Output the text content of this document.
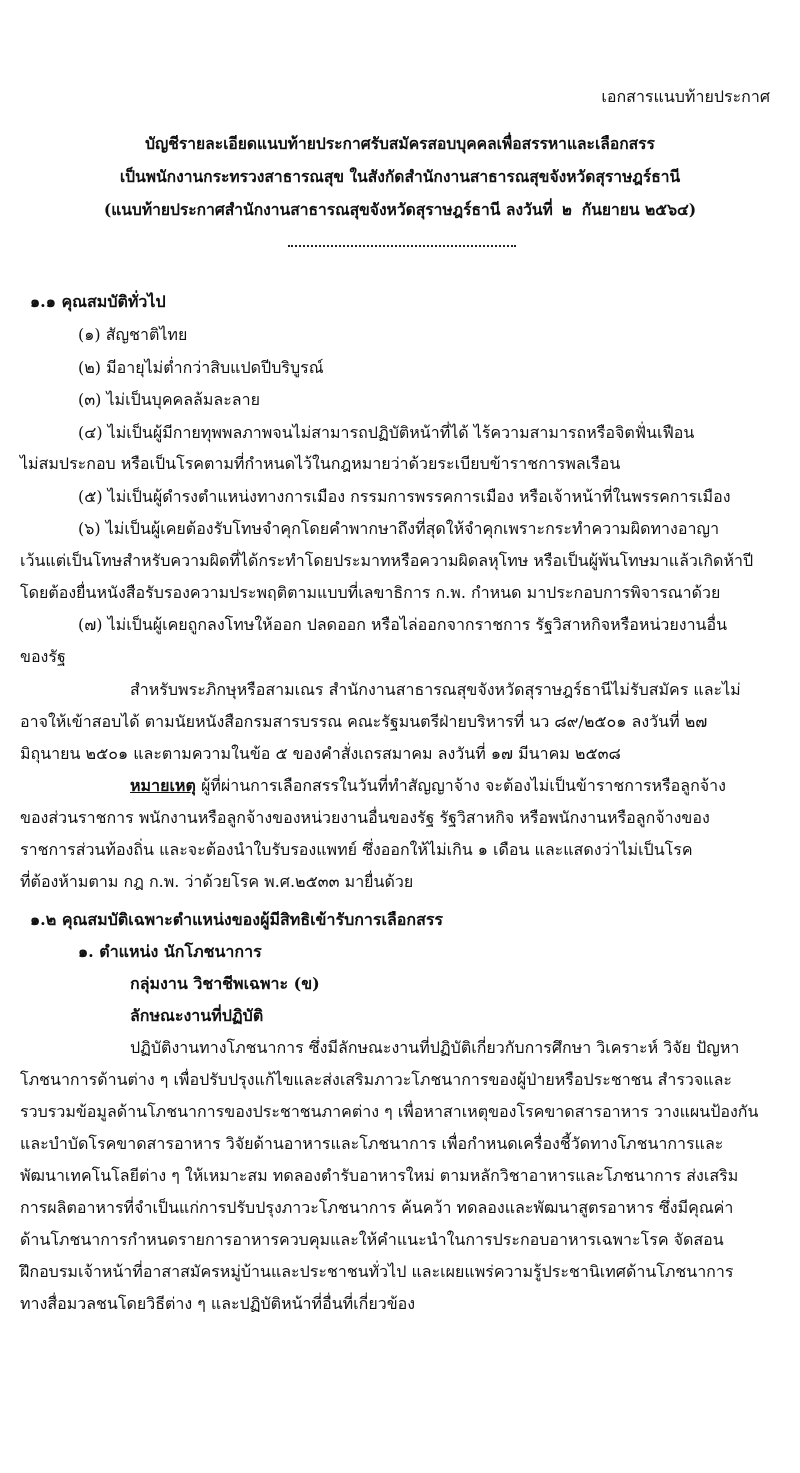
เอกสารแนบท้ายประกาศ
บัญชีรายละเอียดแนบท้ายประกาศรับสมัครสอบบุคคลเพื่อสรรหาและเลือกสรร
เป็นพนักงานกระทรวงสาธารณสุข ในสังกัดสำนักงานสาธารณสุขจังหวัดสุราษฎร์ธานี
(แนบท้ายประกาศสำนักงานสาธารณสุขจังหวัดสุราษฎร์ธานี ลงวันที่ ๒ กันยายน ๒๕๖๔)
๑.๑ คุณสมบัติทั่วไป
(๑) สัญชาติไทย
(๒) มีอายุไม่ต่ำกว่าสิบแปดปีบริบูรณ์
(๓) ไม่เป็นบุคคลล้มละลาย
(๔) ไม่เป็นผู้มีกายทุพพลภาพจนไม่สามารถปฏิบัติหน้าที่ได้ ไร้ความสามารถหรือจิตฟั่นเฟือน
ไม่สมประกอบ หรือเป็นโรคตามที่กำหนดไว้ในกฎหมายว่าด้วยระเบียบข้าราชการพลเรือน
(๕) ไม่เป็นผู้ดำรงตำแหน่งทางการเมือง กรรมการพรรคการเมือง หรือเจ้าหน้าที่ในพรรคการเมือง
(๖) ไม่เป็นผู้เคยต้องรับโทษจำคุกโดยคำพากษาถึงที่สุดให้จำคุกเพราะกระทำความผิดทางอาญา
เว้นแต่เป็นโทษสำหรับความผิดที่ได้กระทำโดยประมาทหรือความผิดลหุโทษ หรือเป็นผู้พ้นโทษมาแล้วเกิดห้าปี
โดยต้องยื่นหนังสือรับรองความประพฤติตามแบบที่เลขาธิการ ก.พ. กำหนด มาประกอบการพิจารณาด้วย
(๗) ไม่เป็นผู้เคยถูกลงโทษให้ออก ปลดออก หรือไล่ออกจากราชการ รัฐวิสาหกิจหรือหน่วยงานอื่น
ของรัฐ
สำหรับพระภิกษุหรือสามเณร สำนักงานสาธารณสุขจังหวัดสุราษฎร์ธานีไม่รับสมัคร และไม่
อาจให้เข้าสอบได้ ตามนัยหนังสือกรมสารบรรณ คณะรัฐมนตรีฝ่ายบริหารที่ นว ๘๙/๒๕๐๑ ลงวันที่ ๒๗
มิถุนายน ๒๕๐๑ และตามความในข้อ ๕ ของคำสั่งเถรสมาคม ลงวันที่ ๑๗ มีนาคม ๒๕๓๘
หมายเหตุ ผู้ที่ผ่านการเลือกสรรในวันที่ทำสัญญาจ้าง จะต้องไม่เป็นข้าราชการหรือลูกจ้าง
ของส่วนราชการ พนักงานหรือลูกจ้างของหน่วยงานอื่นของรัฐ รัฐวิสาหกิจ หรือพนักงานหรือลูกจ้างของ
ราชการส่วนท้องถิ่น และจะต้องนำใบรับรองแพทย์ ซึ่งออกให้ไม่เกิน ๑ เดือน และแสดงว่าไม่เป็นโรค
ที่ต้องห้ามตาม กฎ ก.พ. ว่าด้วยโรค พ.ศ.๒๕๓๓ มายื่นด้วย
๑.๒ คุณสมบัติเฉพาะตำแหน่งของผู้มีสิทธิเข้ารับการเลือกสรร
๑. ตำแหน่ง นักโภชนาการ
กลุ่มงาน วิชาชีพเฉพาะ (ข)
ลักษณะงานที่ปฏิบัติ
ปฏิบัติงานทางโภชนาการ ซึ่งมีลักษณะงานที่ปฏิบัติเกี่ยวกับการศึกษา วิเคราะห์ วิจัย ปัญหา
โภชนาการด้านต่าง ๆ เพื่อปรับปรุงแก้ไขและส่งเสริมภาวะโภชนาการของผู้ป่ายหรือประชาชน สำรวจและ
รวบรวมข้อมูลด้านโภชนาการของประชาชนภาคต่าง ๆ เพื่อหาสาเหตุของโรคขาดสารอาหาร วางแผนป้องกัน
และบำบัดโรคขาดสารอาหาร วิจัยด้านอาหารและโภชนาการ เพื่อกำหนดเครื่องชี้วัดทางโภชนาการและ
พัฒนาเทคโนโลยีต่าง ๆ ให้เหมาะสม ทดลองตำรับอาหารใหม่ ตามหลักวิชาอาหารและโภชนาการ ส่งเสริม
การผลิตอาหารที่จำเป็นแก่การปรับปรุงภาวะโภชนาการ ค้นคว้า ทดลองและพัฒนาสูตรอาหาร ซึ่งมีคุณค่า
ด้านโภชนาการกำหนดรายการอาหารควบคุมและให้คำแนะนำในการประกอบอาหารเฉพาะโรค จัดสอน
ฝึกอบรมเจ้าหน้าที่อาสาสมัครหมู่บ้านและประชาชนทั่วไป และเผยแพร่ความรู้ประชานิเทศด้านโภชนาการ
ทางสื่อมวลชนโดยวิธีต่าง ๆ และปฏิบัติหน้าที่อื่นที่เกี่ยวข้อง
